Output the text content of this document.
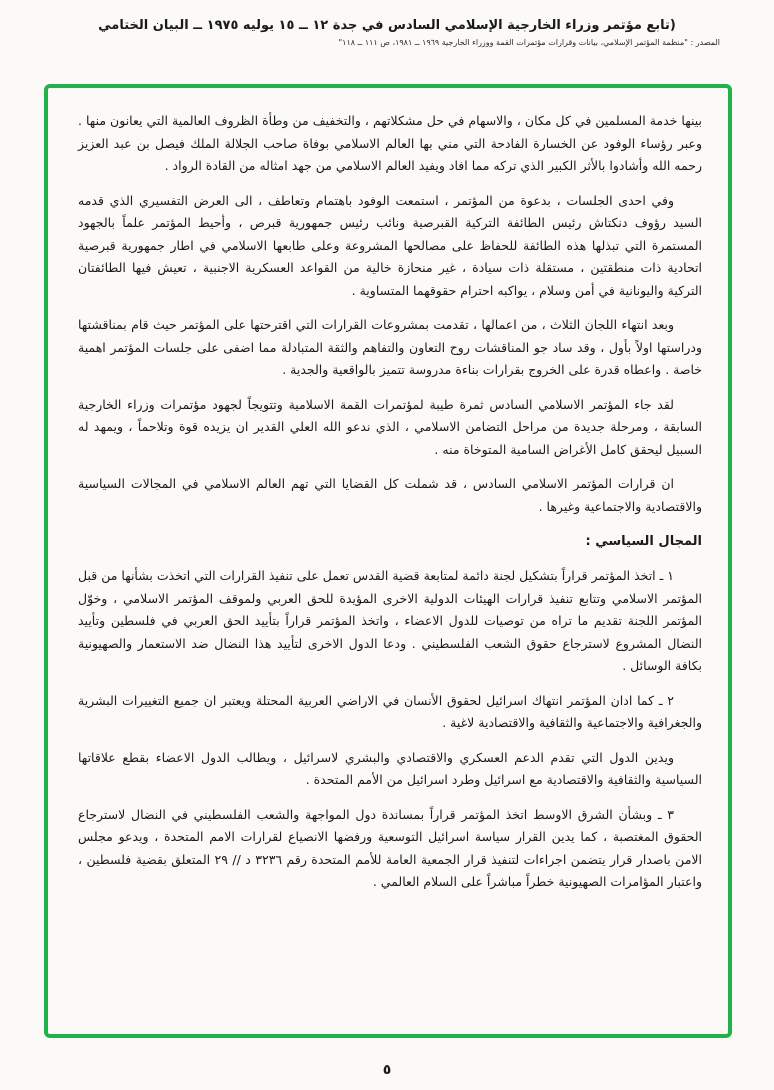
(تابع مؤتمر وزراء الخارجية الإسلامي السادس في جدة ١٢ ــ ١٥ يوليه ١٩٧٥ ــ البيان الختامي
المصدر : "منظمة المؤتمر الإسلامي، بيانات وقرارات مؤتمرات القمة ووزراء الخارجية ١٩٦٩ ــ ١٩٨١، ص ١١١ ــ ١١٨"

بينها خدمة المسلمين في كل مكان ، والاسهام في حل مشكلاتهم ، والتخفيف من وطأة الظروف العالمية التي يعانون منها . وعبر رؤساء الوفود عن الخسارة الفادحة التي مني بها العالم الاسلامي بوفاة صاحب الجلالة الملك فيصل بن عبد العزيز رحمه الله وأشادوا بالأثر الكبير الذي تركه مما افاد ويفيد العالم الاسلامي من جهد امثاله من القادة الرواد .

وفي احدى الجلسات ، بدعوة من المؤتمر ، استمعت الوفود باهتمام وتعاطف ، الى العرض التفسيري الذي قدمه السيد رؤوف دنكتاش رئيس الطائفة التركية القبرصية ونائب رئيس جمهورية قبرص ، وأحيط المؤتمر علماً بالجهود المستمرة التي تبذلها هذه الطائفة للحفاظ على مصالحها المشروعة وعلى طابعها الاسلامي في اطار جمهورية قبرصية اتحادية ذات منطقتين ، مستقلة ذات سيادة ، غير منحازة خالية من القواعد العسكرية الاجنبية ، تعيش فيها الطائفتان التركية واليونانية في أمن وسلام ، يواكبه احترام حقوقهما المتساوية .

وبعد انتهاء اللجان الثلاث ، من اعمالها ، تقدمت بمشروعات القرارات التي اقترحتها على المؤتمر حيث قام بمناقشتها ودراستها اولاً بأول ، وقد ساد جو المناقشات روح التعاون والتفاهم والثقة المتبادلة مما اضفى على جلسات المؤتمر اهمية خاصة . واعطاه قدرة على الخروج بقرارات بناءة مدروسة تتميز بالواقعية والجدية .

لقد جاء المؤتمر الاسلامي السادس ثمرة طيبة لمؤتمرات القمة الاسلامية وتتويجاً لجهود مؤتمرات وزراء الخارجية السابقة ، ومرحلة جديدة من مراحل التضامن الاسلامي ، الذي ندعو الله العلي القدير ان يزيده قوة وتلاحماً ، ويمهد له السبيل ليحقق كامل الأغراض السامية المتوخاة منه .

ان قرارات المؤتمر الاسلامي السادس ، قد شملت كل القضايا التي تهم العالم الاسلامي في المجالات السياسية والاقتصادية والاجتماعية وغيرها .

المجال السياسي :

١ ـ اتخذ المؤتمر قراراً بتشكيل لجنة دائمة لمتابعة قضية القدس تعمل على تنفيذ القرارات التي اتخذت بشأنها من قبل المؤتمر الاسلامي وتتابع تنفيذ قرارات الهيئات الدولية الاخرى المؤيدة للحق العربي ولموقف المؤتمر الاسلامي ، وخوّل المؤتمر اللجنة تقديم ما تراه من توصيات للدول الاعضاء ، واتخذ المؤتمر قراراً بتأييد الحق العربي في فلسطين وتأييد النضال المشروع لاسترجاع حقوق الشعب الفلسطيني . ودعا الدول الاخرى لتأييد هذا النضال ضد الاستعمار والصهيونية بكافة الوسائل .

٢ ـ كما ادان المؤتمر انتهاك اسرائيل لحقوق الأنسان في الاراضي العربية المحتلة ويعتبر ان جميع التغييرات البشرية والجغرافية والاجتماعية والثقافية والاقتصادية لاغية .

ويدين الدول التي تقدم الدعم العسكري والاقتصادي والبشري لاسرائيل ، ويطالب الدول الاعضاء بقطع علاقاتها السياسية والثقافية والاقتصادية مع اسرائيل وطرد اسرائيل من الأمم المتحدة .

٣ ـ وبشأن الشرق الاوسط اتخذ المؤتمر قراراً بمساندة دول المواجهة والشعب الفلسطيني في النضال لاسترجاع الحقوق المغتصبة ، كما يدين القرار سياسة اسرائيل التوسعية ورفضها الانصياع لقرارات الامم المتحدة ، ويدعو مجلس الامن باصدار قرار يتضمن اجراءات لتنفيذ قرار الجمعية العامة للأمم المتحدة رقم ٣٢٣٦ د // ٢٩ المتعلق بقضية فلسطين ، واعتبار المؤامرات الصهيونية خطراً مباشراً على السلام العالمي .

٥
